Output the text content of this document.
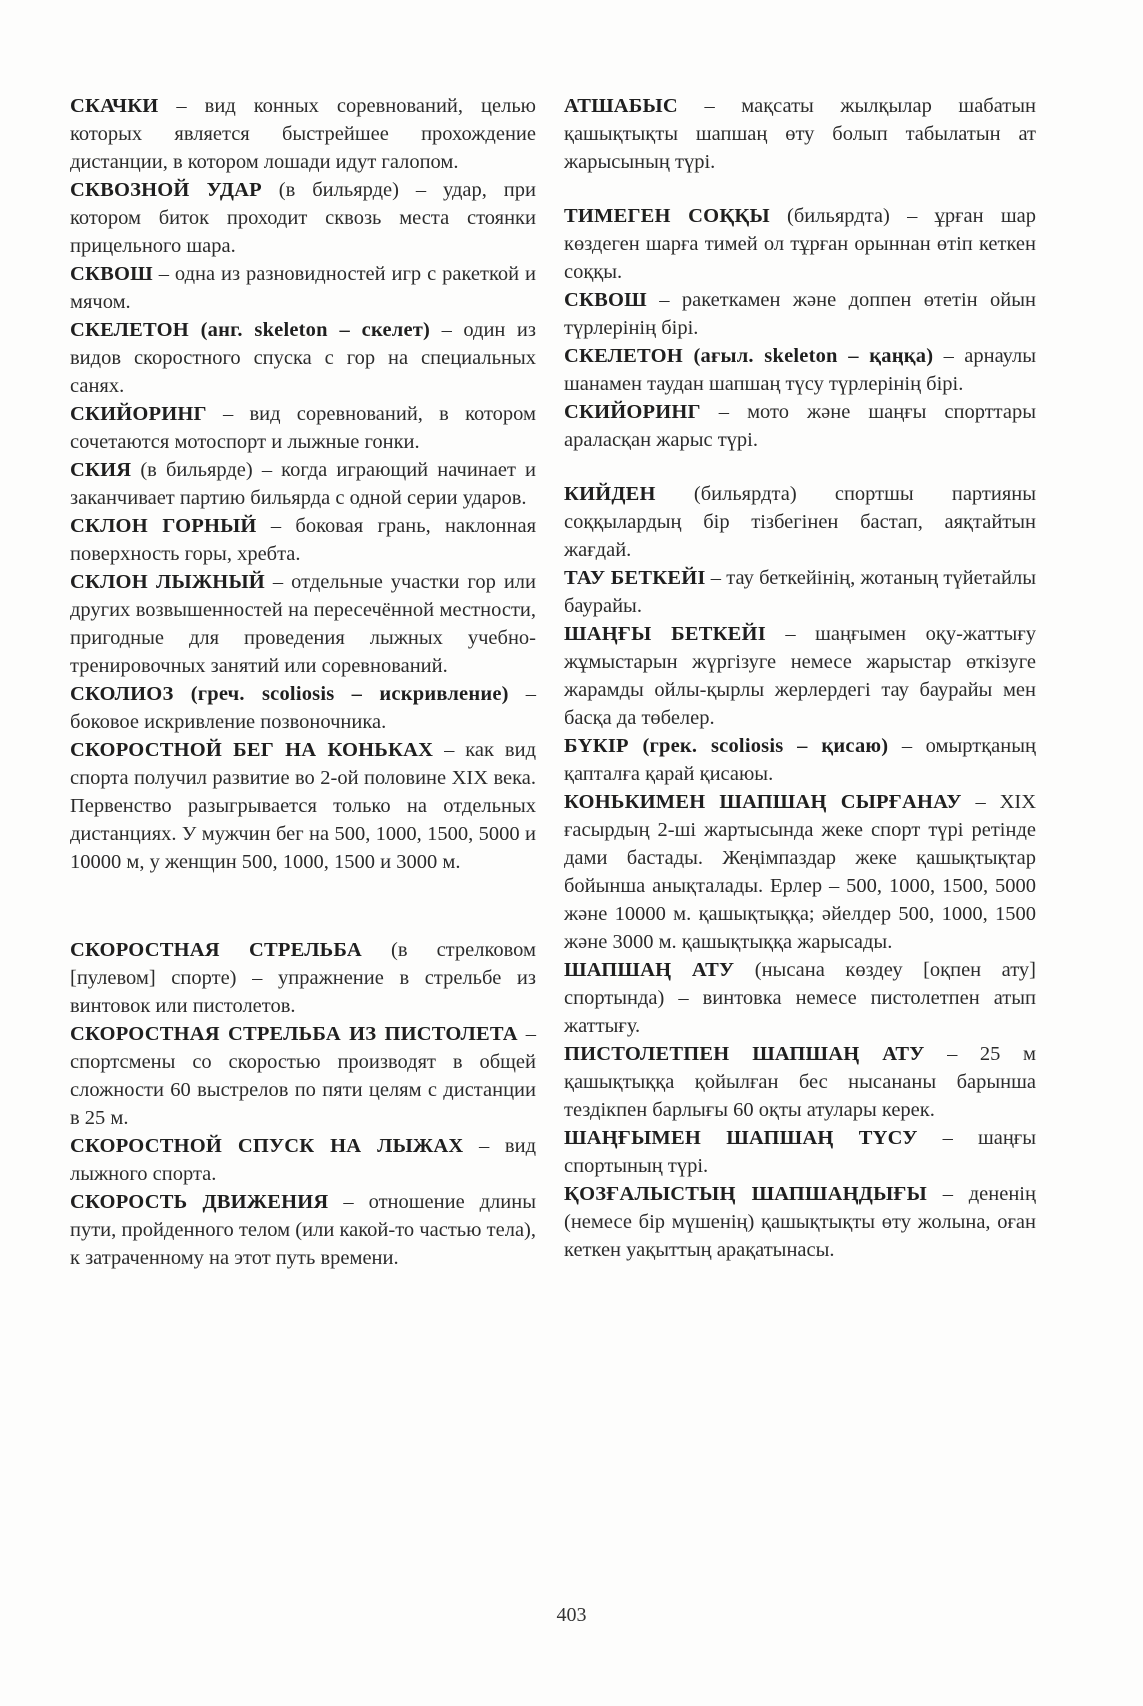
СКАЧКИ – вид конных соревнований, целью которых является быстрейшее прохождение дистанции, в котором лошади идут галопом.

СКВОЗНОЙ УДАР (в бильярде) – удар, при котором биток проходит сквозь места стоянки прицельного шара.

СКВОШ – одна из разновидностей игр с ракеткой и мячом.

СКЕЛЕТОН (анг. skeleton – скелет) – один из видов скоростного спуска с гор на специальных санях.

СКИЙОРИНГ – вид соревнований, в котором сочетаются мотоспорт и лыжные гонки.

СКИЯ (в бильярде) – когда играющий начинает и заканчивает партию бильярда с одной серии ударов.

СКЛОН ГОРНЫЙ – боковая грань, наклонная поверхность горы, хребта.

СКЛОН ЛЫЖНЫЙ – отдельные участки гор или других возвышенностей на пересечённой местности, пригодные для проведения лыжных учебно-тренировочных занятий или соревнований.

СКОЛИОЗ (греч. scoliosis – искривление) – боковое искривление позвоночника.

СКОРОСТНОЙ БЕГ НА КОНЬКАХ – как вид спорта получил развитие во 2-ой половине XIX века. Первенство разыгрывается только на отдельных дистанциях. У мужчин бег на 500, 1000, 1500, 5000 и 10000 м, у женщин 500, 1000, 1500 и 3000 м.

СКОРОСТНАЯ СТРЕЛЬБА (в стрелковом [пулевом] спорте) – упражнение в стрельбе из винтовок или пистолетов.

СКОРОСТНАЯ СТРЕЛЬБА ИЗ ПИСТОЛЕТА – спортсмены со скоростью производят в общей сложности 60 выстрелов по пяти целям с дистанции в 25 м.

СКОРОСТНОЙ СПУСК НА ЛЫЖАХ – вид лыжного спорта.

СКОРОСТЬ ДВИЖЕНИЯ – отношение длины пути, пройденного телом (или какой-то частью тела), к затраченному на этот путь времени.

АТШАБЫС – мақсаты жылқылар шабатын қашықтықты шапшаң өту болып табылатын ат жарысының түрі.

ТИМЕГЕН СОҚҚЫ (бильярдта) – ұрған шар көздеген шарға тимей ол тұрған орыннан өтіп кеткен соққы.

СКВОШ – ракеткамен және доппен өтетін ойын түрлерінің бірі.

СКЕЛЕТОН (ағыл. skeleton – қаңқа) – арнаулы шанамен таудан шапшаң түсу түрлерінің бірі.

СКИЙОРИНГ – мото және шаңғы спорттары араласқан жарыс түрі.

КИЙДЕН (бильярдта) спортшы партияны соққылардың бір тізбегінен бастап, аяқтайтын жағдай.

ТАУ БЕТКЕЙІ – тау беткейінің, жотаның түйетайлы баурайы.

ШАҢҒЫ БЕТКЕЙІ – шаңғымен оқу-жаттығу жұмыстарын жүргізуге немесе жарыстар өткізуге жарамды ойлы-қырлы жерлердегі тау баурайы мен басқа да төбелер.

БҮКІР (грек. scoliosis – қисаю) – омыртқаның қапталға қарай қисаюы.

КОНЬКИМЕН ШАПШАҢ СЫРҒАНАУ – XIX ғасырдың 2-ші жартысында жеке спорт түрі ретінде дами бастады. Жеңімпаздар жеке қашықтықтар бойынша анықталады. Ерлер – 500, 1000, 1500, 5000 және 10000 м. қашықтыққа; әйелдер 500, 1000, 1500 және 3000 м. қашықтыққа жарысады.

ШАПШАҢ АТУ (нысана көздеу [оқпен ату] спортында) – винтовка немесе пистолетпен атып жаттығу.

ПИСТОЛЕТПЕН ШАПШАҢ АТУ – 25 м қашықтыққа қойылған бес нысананы барынша тездікпен барлығы 60 оқты атулары керек.

ШАҢҒЫМЕН ШАПШАҢ ТҮСУ – шаңғы спортының түрі.

ҚОЗҒАЛЫСТЫҢ ШАПШАҢДЫҒЫ – дененің (немесе бір мүшенің) қашықтықты өту жолына, оған кеткен уақыттың арақатынасы.

403
